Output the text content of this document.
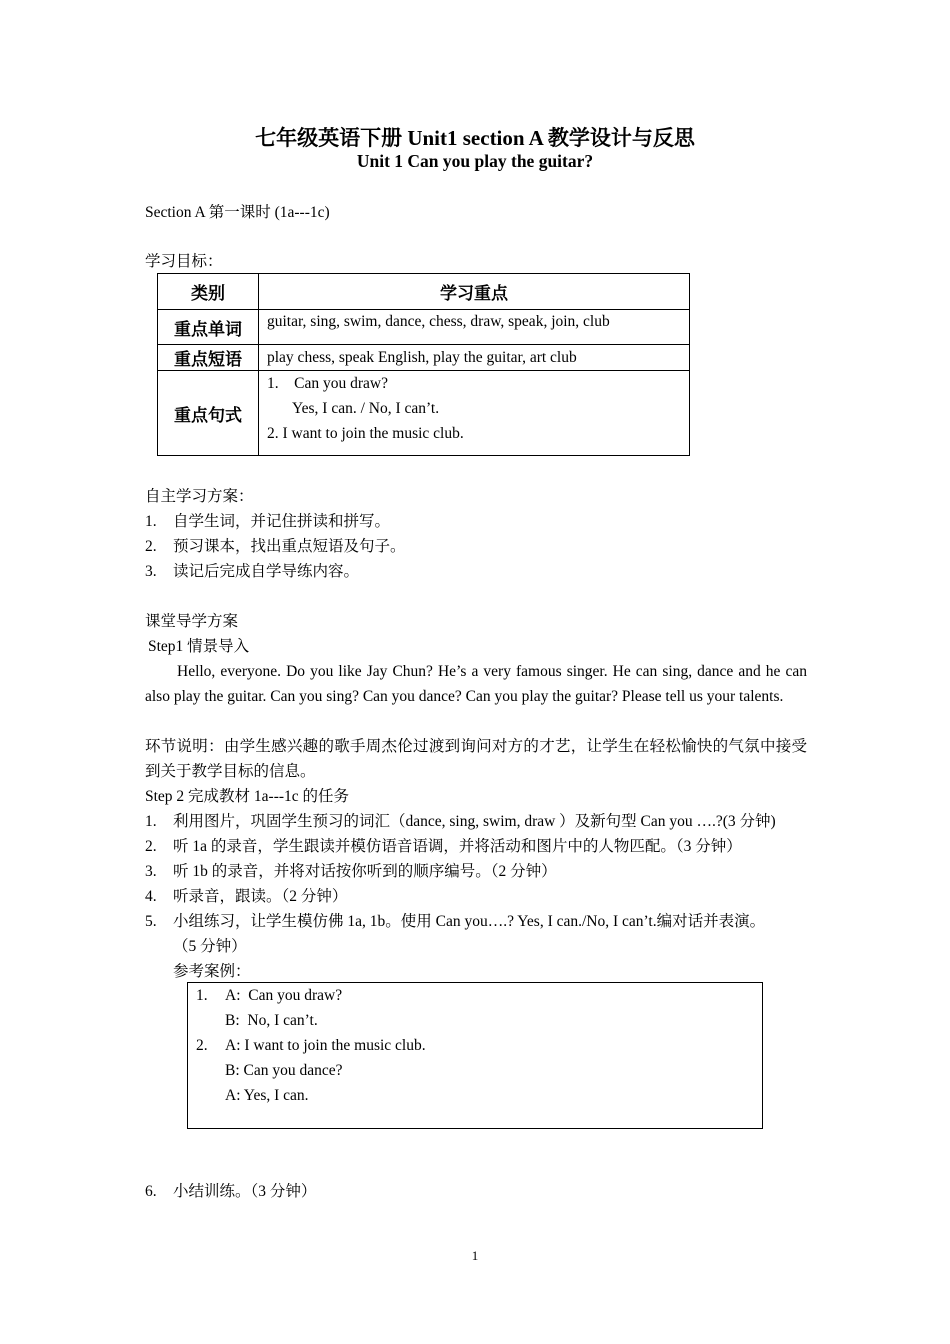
七年级英语下册 Unit1 section A 教学设计与反思
Unit 1 Can you play the guitar?
Section A 第一课时 (1a---1c)
学习目标：
类别	学习重点
重点单词	guitar, sing, swim, dance, chess, draw, speak, join, club
重点短语	play chess, speak English, play the guitar, art club
重点句式	1.    Can you draw?
Yes, I can. / No, I can’t.
2. I want to join the music club.
自主学习方案：
1. 自学生词，并记住拼读和拼写。
2. 预习课本，找出重点短语及句子。
3. 读记后完成自学导练内容。
课堂导学方案
Step1 情景导入
Hello, everyone. Do you like Jay Chun? He’s a very famous singer. He can sing, dance and he can also play the guitar. Can you sing? Can you dance? Can you play the guitar? Please tell us your talents.
环节说明：由学生感兴趣的歌手周杰伦过渡到询问对方的才艺，让学生在轻松愉快的气氛中接受到关于教学目标的信息。
Step 2 完成教材 1a---1c 的任务
1. 利用图片，巩固学生预习的词汇（dance, sing, swim, draw ）及新句型 Can you ….?(3 分钟)
2. 听 1a 的录音，学生跟读并模仿语音语调，并将活动和图片中的人物匹配。（3 分钟）
3. 听 1b 的录音，并将对话按你听到的顺序编号。（2 分钟）
4. 听录音，跟读。（2 分钟）
5. 小组练习，让学生模仿佛 1a, 1b。使用 Can you….? Yes, I can./No, I can’t.编对话并表演。
（5 分钟）
参考案例：
1. A:  Can you draw?
B:  No, I can’t.
2. A: I want to join the music club.
B: Can you dance?
A: Yes, I can.
6. 小结训练。（3 分钟）
1
